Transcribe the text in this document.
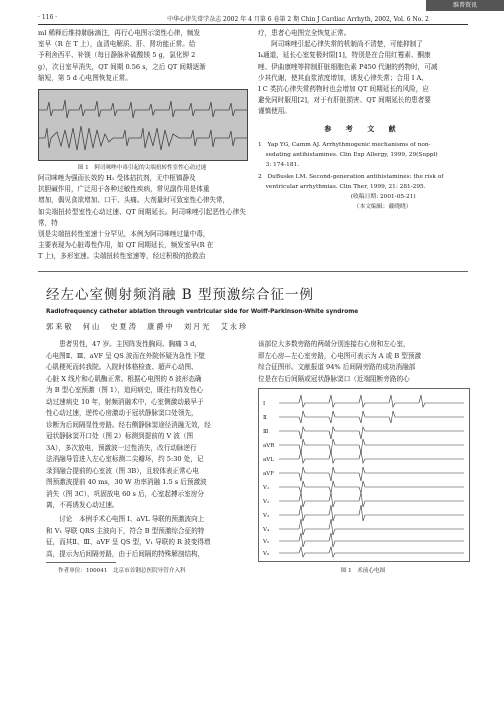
维普资讯 http://www.cqvip.com
· 116 ·	中华心律失常学杂志 2002 年 4 月第 6 卷第 2 期 Chin J Cardiac Arrhyth, 2002, Vol. 6 No. 2
ml 稀释后维持肺脉滴注，再行心电图示窦性心律，频发
室早（R 在 T 上），血清电解质、肝、肾功能正常。给
予利舍西平、补镁（每日静脉补硫酸镁 5 g，氯化钾 2
g），次日室早消失，QT 间期 0.56 s，之后 QT 间期逐渐
缩短，第 5 d 心电图恢复正常。
图 1　阿司咪唑中毒引起的尖端扭转性室性心动过速
阿司咪唑为强而长效的 H₁ 受体拮抗剂，无中枢镇静及
抗胆碱作用，广泛用于各种过敏性疾病，常见副作用是体重
增加，偶见食欲增加、口干、头痛。大剂量时可致室性心律失常，
如尖端扭转型室性心动过速、QT 间期延长。阿司咪唑引起恶性心律失常，特
别是尖端扭转性室速十分罕见，本例为阿司咪唑过量中毒，
主要表现为心脏毒性作用，如 QT 间期延长，频发室早(R 在
T 上)，多形室速。尖端扭转性室速等，经过积极的抢救治
疗，患者心电图完全恢复正常。
　　阿司咪唑引起心律失常的机制尚不清楚，可能抑制了
Iₖ通道，延长心室复极时限[1]，特别是在合用红霉素、酮康
唑、伊曲康唑等抑制肝脏细胞色素 P450 代谢的药物时，可减
少其代谢，使其血浆浓度增加，诱发心律失常；合用 I A、
I C 类抗心律失常药物时也会增加 QT 间期延长的风险，应
避免同时服用[2]，对于有肝脏损害、QT 间期延长的患者要
谨慎使用。
参 考 文 献
1　Yap YG, Camm AJ. Arrhythmogenic mechanisms of non-
　 sedating antihistamines. Clin Exp Allergy, 1999, 29(Suppl)
　 3: 174-181.
2　DuBuske LM. Second-generation antihistamines: the risk of
　 ventricular arrhythmias. Clin Ther, 1999, 21: 281-295.
　　　　　　　　　　　　　　　　(收稿日期: 2001-05-21)
　　　　　　　　　　　　　　　　　（本文编辑：戴晓晓）
经左心室侧射频消融 B 型预激综合征一例
Radiofrequency catheter ablation through ventricular side for Wolff-Parkinson-White syndrome
郭来敬　何山　史夏涛　康爵中　刘月光　艾永珍
　　患者男性，47 岁。主因阵发性胸闷、胸痛 3 d，
心电图Ⅱ、Ⅲ、aVF 呈 QS 波而在外院怀疑为急性下壁
心肌梗死而转我院。入院时体格检查、超声心动图、
心脏 X 线片和心肌酶正常。根据心电图的 δ 波形态确
为 B 型心室预激（图 1），追问病史，既往有阵发性心
动过速病史 10 年，射频消融术中，心室侧激动最早于
性心动过速，逆传心房激动于冠状静脉窦口处领先，
诊断为后间隔显性旁路。经右侧静脉窦途径消融无效，经
冠状静脉窦开口处（图 2）标测到提前的 V 波（图
3A），多次放电，预激波一过性消失，改行动脉逆行
法消融导管进入左心室标测二尖瓣环，约 5:30 处，记
录到融合提前的心室波（图 3B），且较体表正常心电
图预激波提前 40 ms，30 W 功率消融 1.5 s 后预激波
消失（图 3C），巩固放电 60 s 后，心室起搏示室房分
离，不再诱发心动过速。
　　讨论　本例手术心电图 I、aVL 导联的预激波向上
和 V₁ 导联 QRS 主波向下，符合 B 型预激综合征的特
征，而其Ⅱ、Ⅲ、aVF 呈 QS 型，V₁ 导联的 R 波变得增
高，提示为后间隔旁路，由于后间隔的特殊解剖结构，
作者单位：100041　北京市首钢总医院导管介入科
该部位大多数旁路的两端分别连接右心房和左心室，
即左心房—左心室旁路，心电图可表示为 A 或 B 型预激
综合征图形。文献报道 94% 后间隔旁路的成功消融部
位是在右后间隔或冠状静脉窦口（近端阻断旁路的心
Ⅰ
Ⅱ
Ⅲ
aVR
aVL
aVF
V₁
V₂
V₃
V₄
V₅
V₆
图 1　术前心电图
